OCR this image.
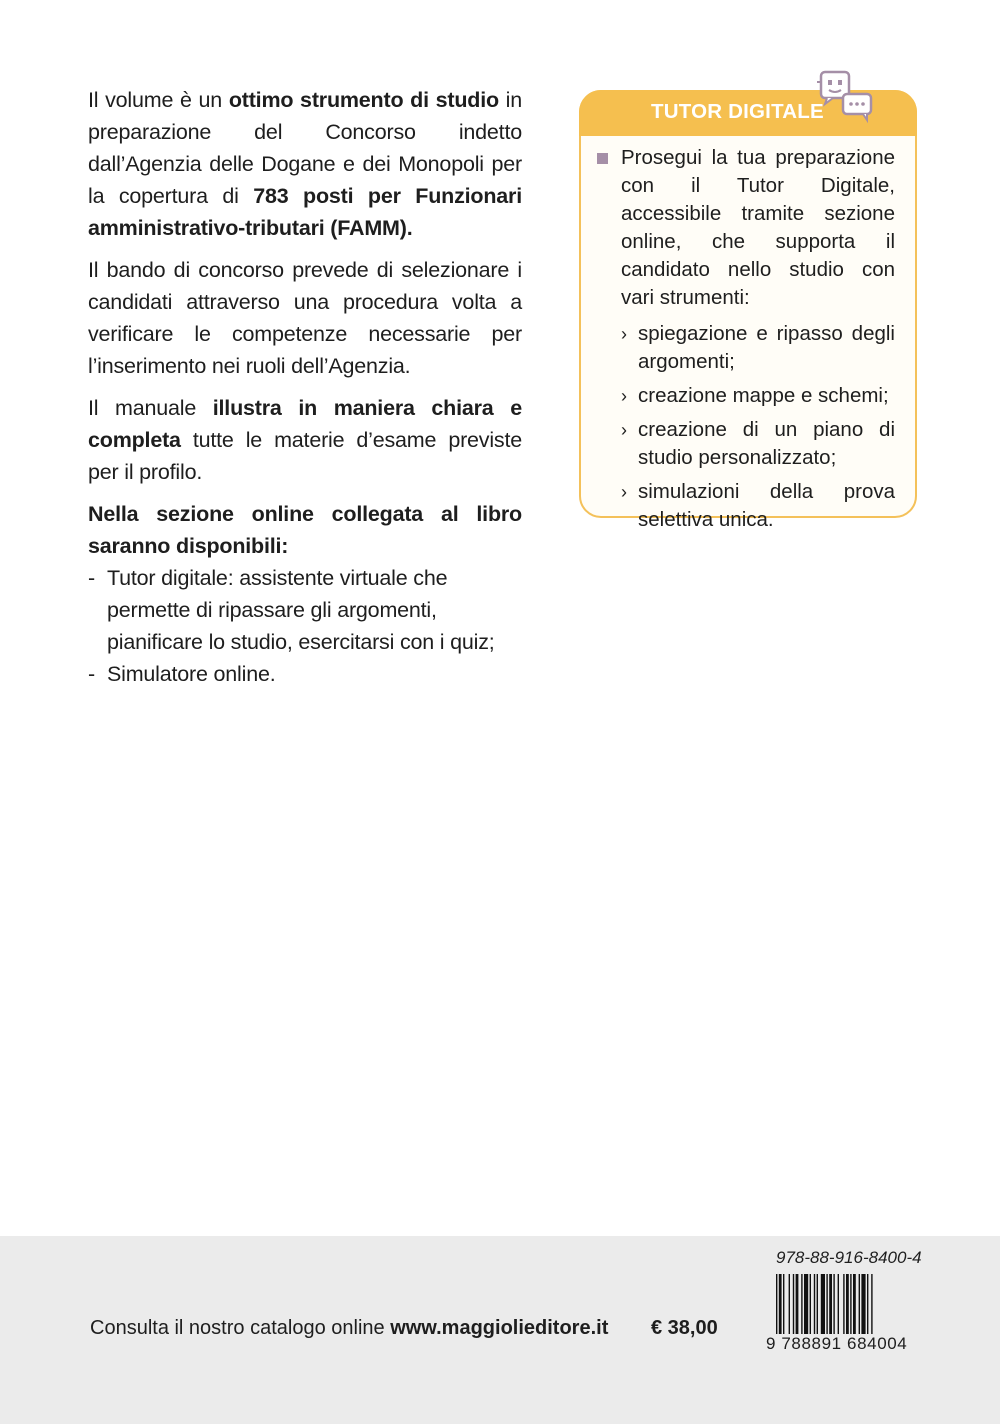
Il volume è un ottimo strumento di studio in preparazione del Concorso indetto dall’Agenzia delle Dogane e dei Monopoli per la copertura di 783 posti per Funzionari amministrativo-tributari (FAMM).

Il bando di concorso prevede di selezionare i candidati attraverso una procedura volta a verificare le competenze necessarie per l’inserimento nei ruoli dell’Agenzia.

Il manuale illustra in maniera chiara e completa tutte le materie d’esame previste per il profilo.

Nella sezione online collegata al libro saranno disponibili:

- Tutor digitale: assistente virtuale che permette di ripassare gli argomenti, pianificare lo studio, esercitarsi con i quiz;
- Simulatore online.
TUTOR DIGITALE

Prosegui la tua preparazione con il Tutor Digitale, accessibile tramite sezione online, che supporta il candidato nello studio con vari strumenti:

› spiegazione e ripasso degli argomenti;
› creazione mappe e schemi;
› creazione di un piano di studio personalizzato;
› simulazioni della prova selettiva unica.
Consulta il nostro catalogo online www.maggiolieditore.it € 38,00
978-88-916-8400-4
9 788891 684004
